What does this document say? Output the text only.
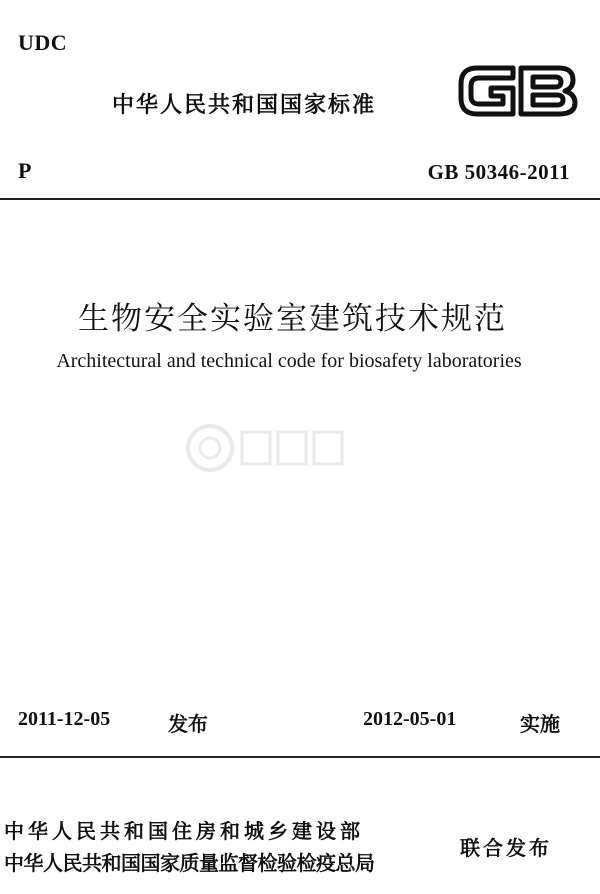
UDC
中华人民共和国国家标准
P	GB 50346-2011
生物安全实验室建筑技术规范
Architectural and technical code for biosafety laboratories
2011-12-05	发布	2012-05-01	实施
中华人民共和国住房和城乡建设部
中华人民共和国国家质量监督检验检疫总局
联合发布
